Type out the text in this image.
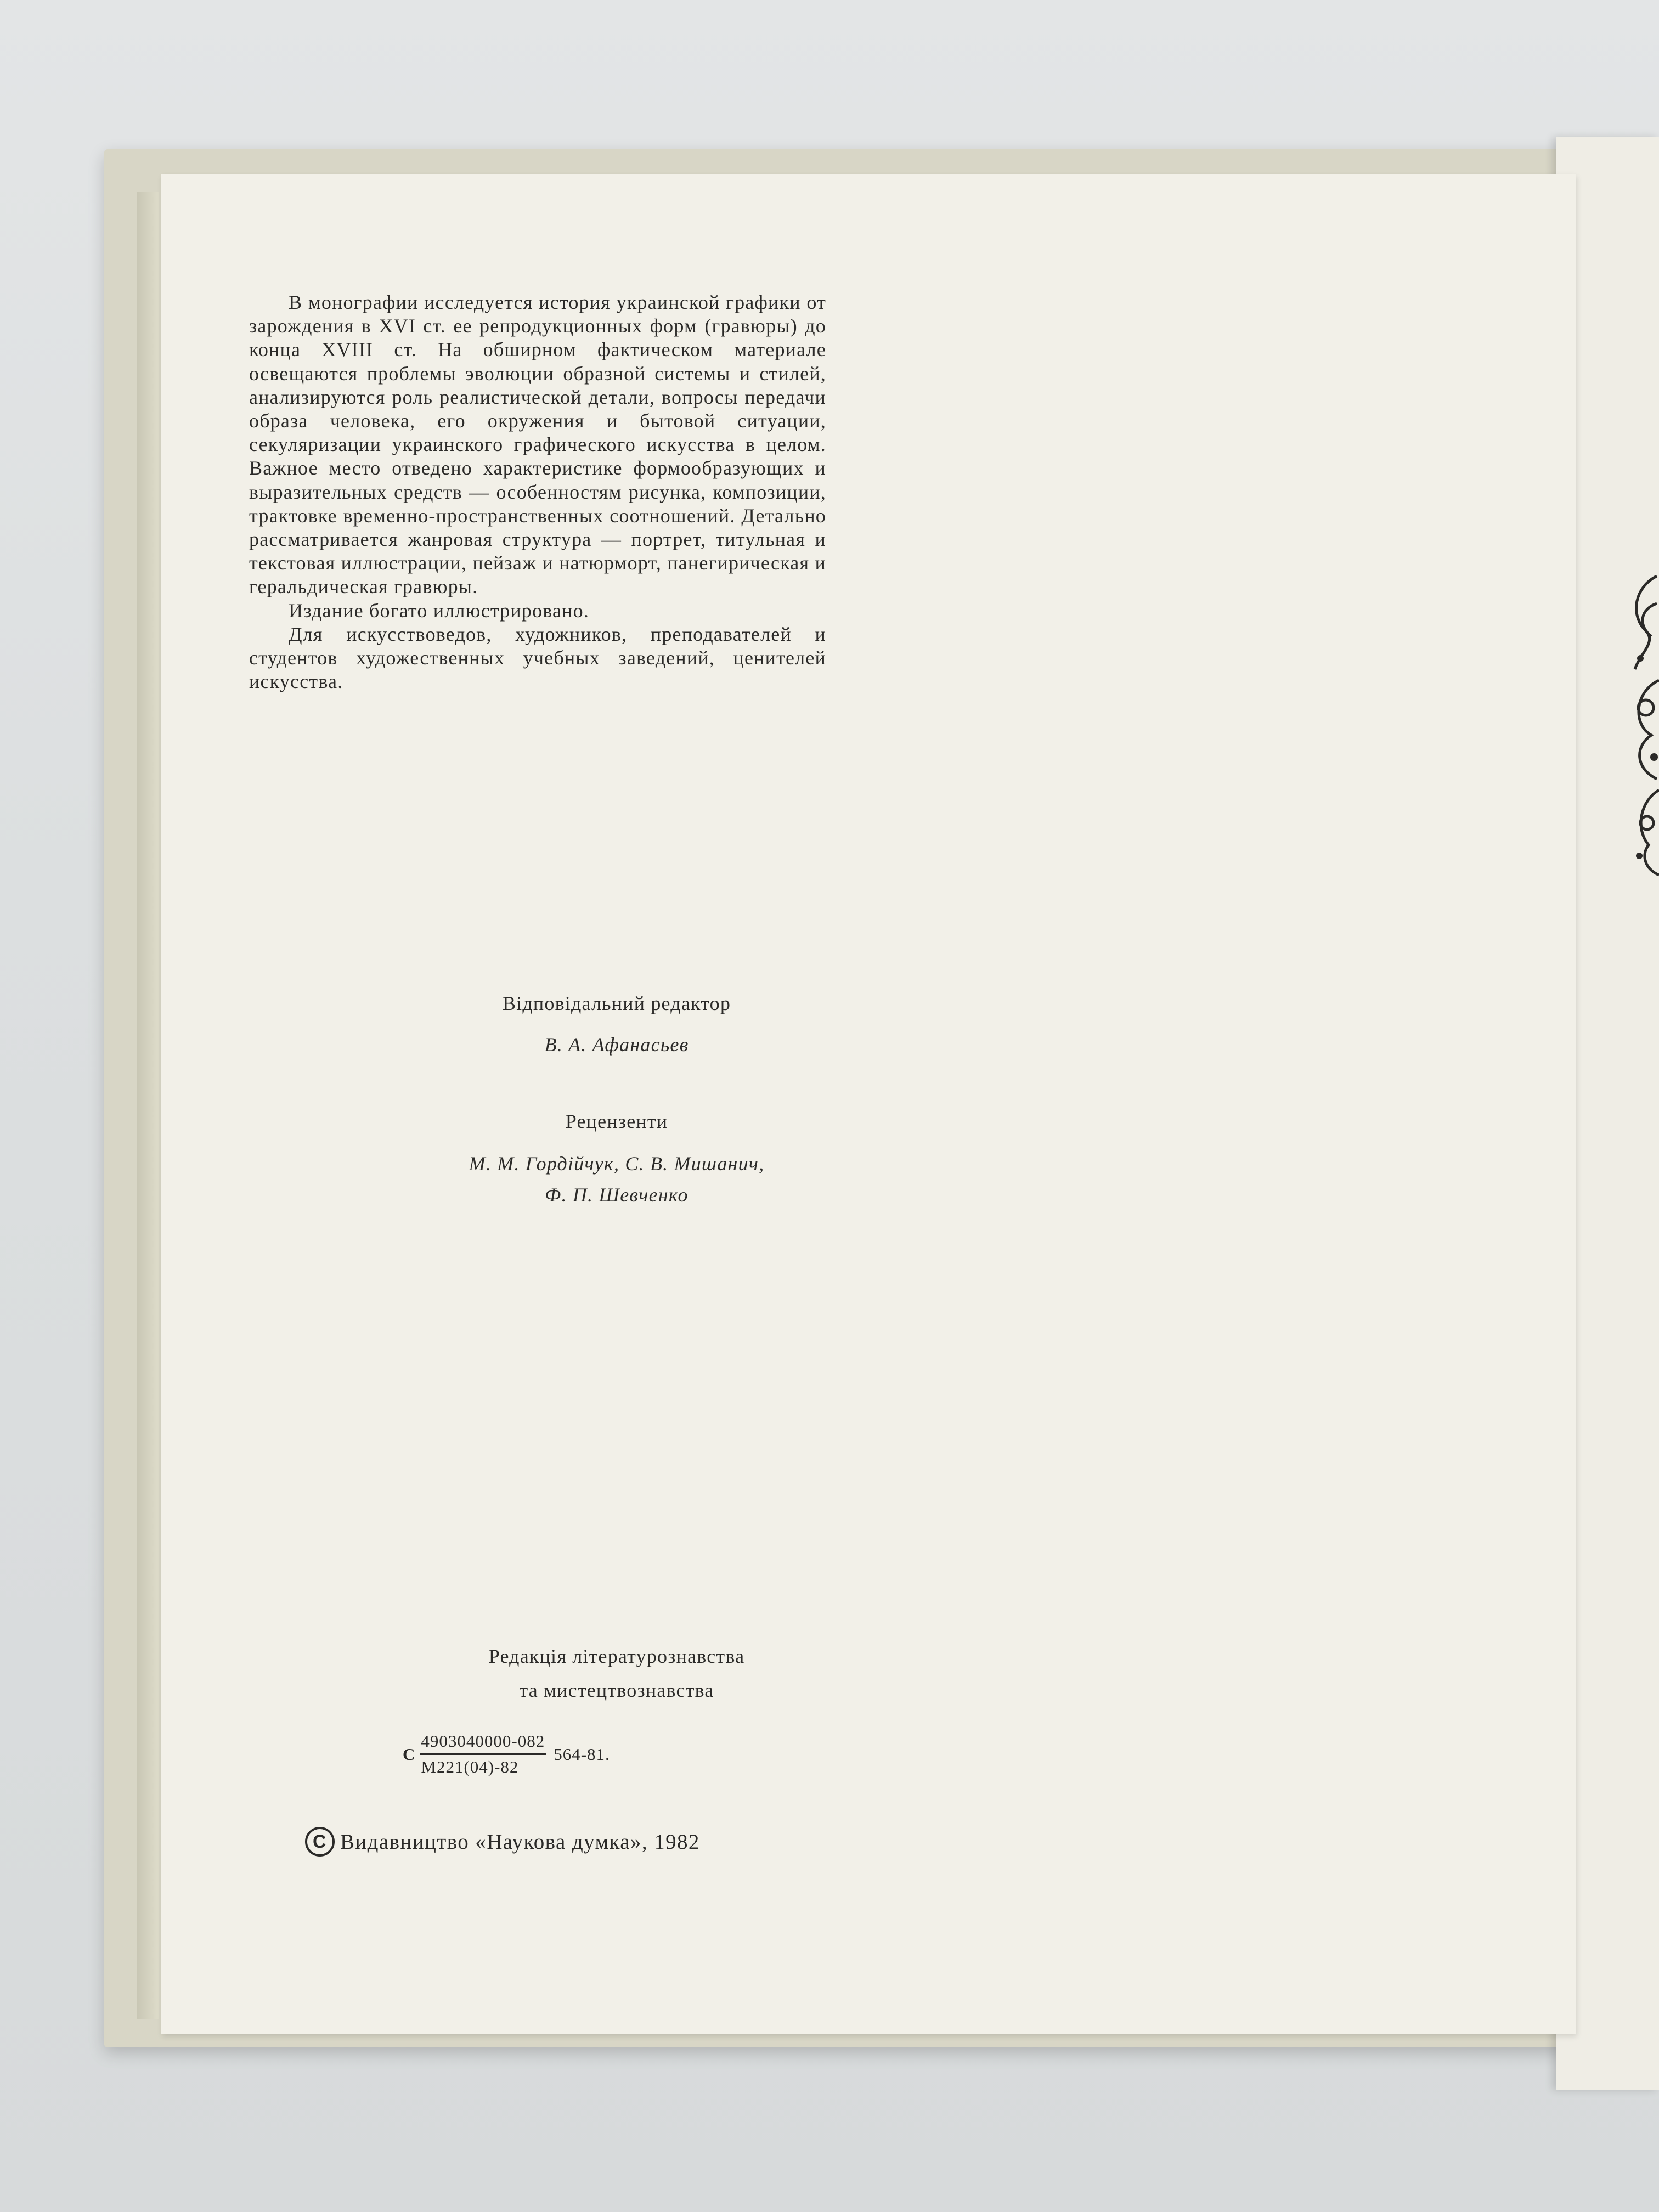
В монографии исследуется история украинской графики от зарождения в XVI ст. ее репродукционных форм (гравюры) до конца XVIII ст. На обширном фактическом материале освещаются проблемы эволюции образной системы и стилей, анализируются роль реалистической детали, вопросы передачи образа человека, его окружения и бытовой ситуации, секуляризации украинского графического искусства в целом. Важное место отведено характеристике формообразующих и выразительных средств — особенностям рисунка, композиции, трактовке временно-пространственных соотношений. Детально рассматривается жанровая структура — портрет, титульная и текстовая иллюстрации, пейзаж и натюрморт, панегирическая и геральдическая гравюры.

Издание богато иллюстрировано.

Для искусствоведов, художников, преподавателей и студентов художественных учебных заведений, ценителей искусства.

Відповідальний редактор
В. А. Афанасьев
Рецензенти
М. М. Гордійчук, С. В. Мишанич,
Ф. П. Шевченко
Редакція літературознавства
та мистецтвознавства
С $\frac{4903040000-082}{М221(04)-82} 564-81$.
C Видавництво «Наукова думка», 1982
